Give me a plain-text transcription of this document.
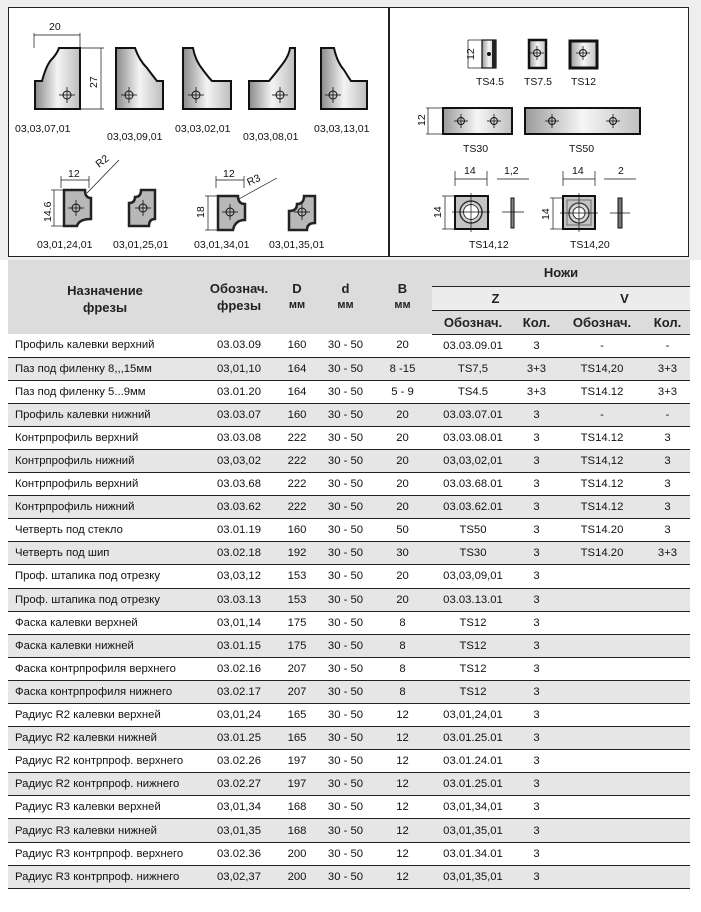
20
27
03,03,07,01
03,03,09,01
03,03,02,01
03,03,08,01
03,03,13,01
12
R2
14.6
03,01,24,01 03,01,25,01
12 R3
18
03,01,34,01 03,01,35,01
12
TS4.5 TS7.5 TS12
12
TS30	TS50
14
14
1,2
TS14,12
14
14
2
TS14,20
Назначение
фрезы

Обознач.
фрезы

D
мм

d
мм

B
мм
	Ножи
					Z		V	
					Обознач.	Кол.	Обознач.	Кол.
Профиль калевки верхний	03.03.09	160	30 - 50	20	03.03.09.01	3	-	-
Паз под филенку 8,,,15мм	03,01,10	164	30 - 50	8 -15	TS7,5	3+3	TS14,20	3+3
Паз под филенку 5...9мм	03.01.20	164	30 - 50	5 - 9	TS4.5	3+3	TS14.12	3+3
Профиль калевки нижний	03.03.07	160	30 - 50	20	03.03.07.01	3	-	-
Контрпрофиль верхний	03.03.08	222	30 - 50	20	03.03.08.01	3	TS14.12	3
Контрпрофиль нижний	03,03,02	222	30 - 50	20	03,03,02,01	3	TS14,12	3
Контрпрофиль верхний	03.03.68	222	30 - 50	20	03.03.68.01	3	TS14.12	3
Контрпрофиль нижний	03.03.62	222	30 - 50	20	03.03.62.01	3	TS14.12	3
Четверть под стекло	03.01.19	160	30 - 50	50	TS50	3	TS14.20	3
Четверть под шип	03.02.18	192	30 - 50	30	TS30	3	TS14.20	3+3
Проф. штапика под отрезку	03,03,12	153	30 - 50	20	03,03,09,01	3		
Проф. штапика под отрезку	03.03.13	153	30 - 50	20	03.03.13.01	3		
Фаска калевки верхней	03,01,14	175	30 - 50	8	TS12	3		
Фаска калевки нижней	03.01.15	175	30 - 50	8	TS12	3		
Фаска контрпрофиля верхнего	03.02.16	207	30 - 50	8	TS12	3		
Фаска контрпрофиля нижнего	03.02.17	207	30 - 50	8	TS12	3		
Радиус R2 калевки верхней	03,01,24	165	30 - 50	12	03,01,24,01	3		
Радиус R2 калевки нижней	03.01.25	165	30 - 50	12	03.01.25.01	3		
Радиус R2 контрпроф. верхнего	03.02.26	197	30 - 50	12	03.01.24.01	3		
Радиус R2 контрпроф. нижнего	03.02.27	197	30 - 50	12	03.01.25.01	3		
Радиус R3 калевки верхней	03,01,34	168	30 - 50	12	03,01,34,01	3		
Радиус R3 калевки нижней	03,01,35	168	30 - 50	12	03,01,35,01	3		
Радиус R3 контрпроф. верхнего	03.02.36	200	30 - 50	12	03.01.34.01	3		
Радиус R3 контрпроф. нижнего	03,02,37	200	30 - 50	12	03,01,35,01	3		
